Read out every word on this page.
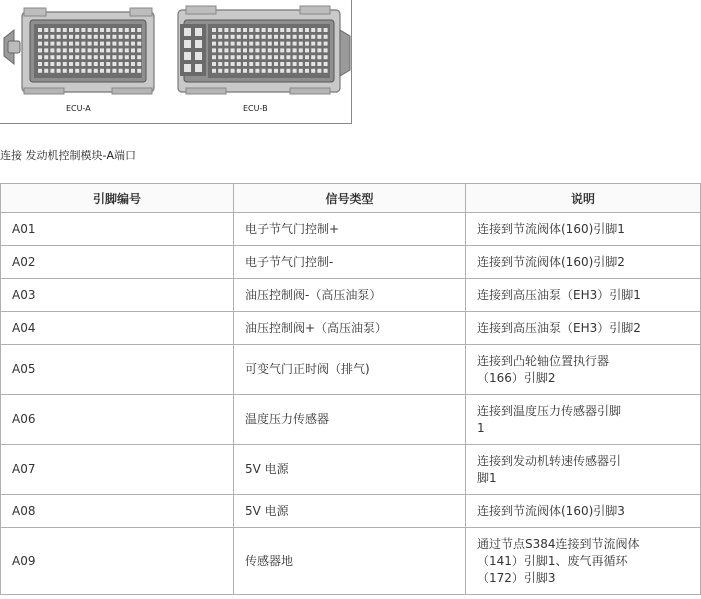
ECU-A	ECU-B
连接 发动机控制模块-A端口
引脚编号	信号类型	说明
A01	电子节气门控制+	连接到节流阀体(160)引脚1

A02	电子节气门控制-	连接到节流阀体(160)引脚2

A03	油压控制阀-（高压油泵）	连接到高压油泵（EH3）引脚1

A04	油压控制阀+（高压油泵）	连接到高压油泵（EH3）引脚2

A05	可变气门正时阀（排气)	连接到凸轮轴位置执行器
（166）引脚2

A06	温度压力传感器	连接到温度压力传感器引脚
1

A07	5V 电源	连接到发动机转速传感器引
脚1

A08	5V 电源	连接到节流阀体(160)引脚3

A09	传感器地	通过节点S384连接到节流阀体
（141）引脚1、废气再循环
（172）引脚3
